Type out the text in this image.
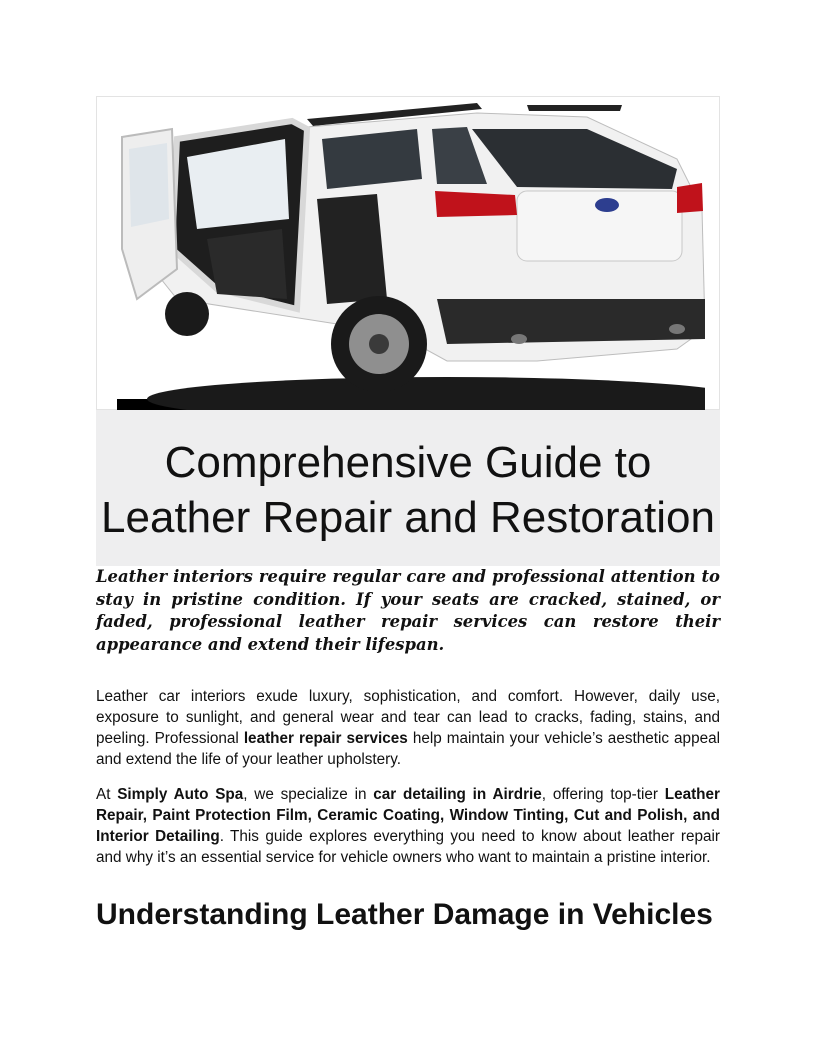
Comprehensive Guide to
Leather Repair and Restoration

Leather interiors require regular care and professional attention to stay in pristine condition. If your seats are cracked, stained, or faded, professional leather repair services can restore their appearance and extend their lifespan.

Leather car interiors exude luxury, sophistication, and comfort. However, daily use, exposure to sunlight, and general wear and tear can lead to cracks, fading, stains, and peeling. Professional leather repair services help maintain your vehicle’s aesthetic appeal and extend the life of your leather upholstery.

At Simply Auto Spa, we specialize in car detailing in Airdrie, offering top-tier Leather Repair, Paint Protection Film, Ceramic Coating, Window Tinting, Cut and Polish, and Interior Detailing. This guide explores everything you need to know about leather repair and why it’s an essential service for vehicle owners who want to maintain a pristine interior.

Understanding Leather Damage in Vehicles
